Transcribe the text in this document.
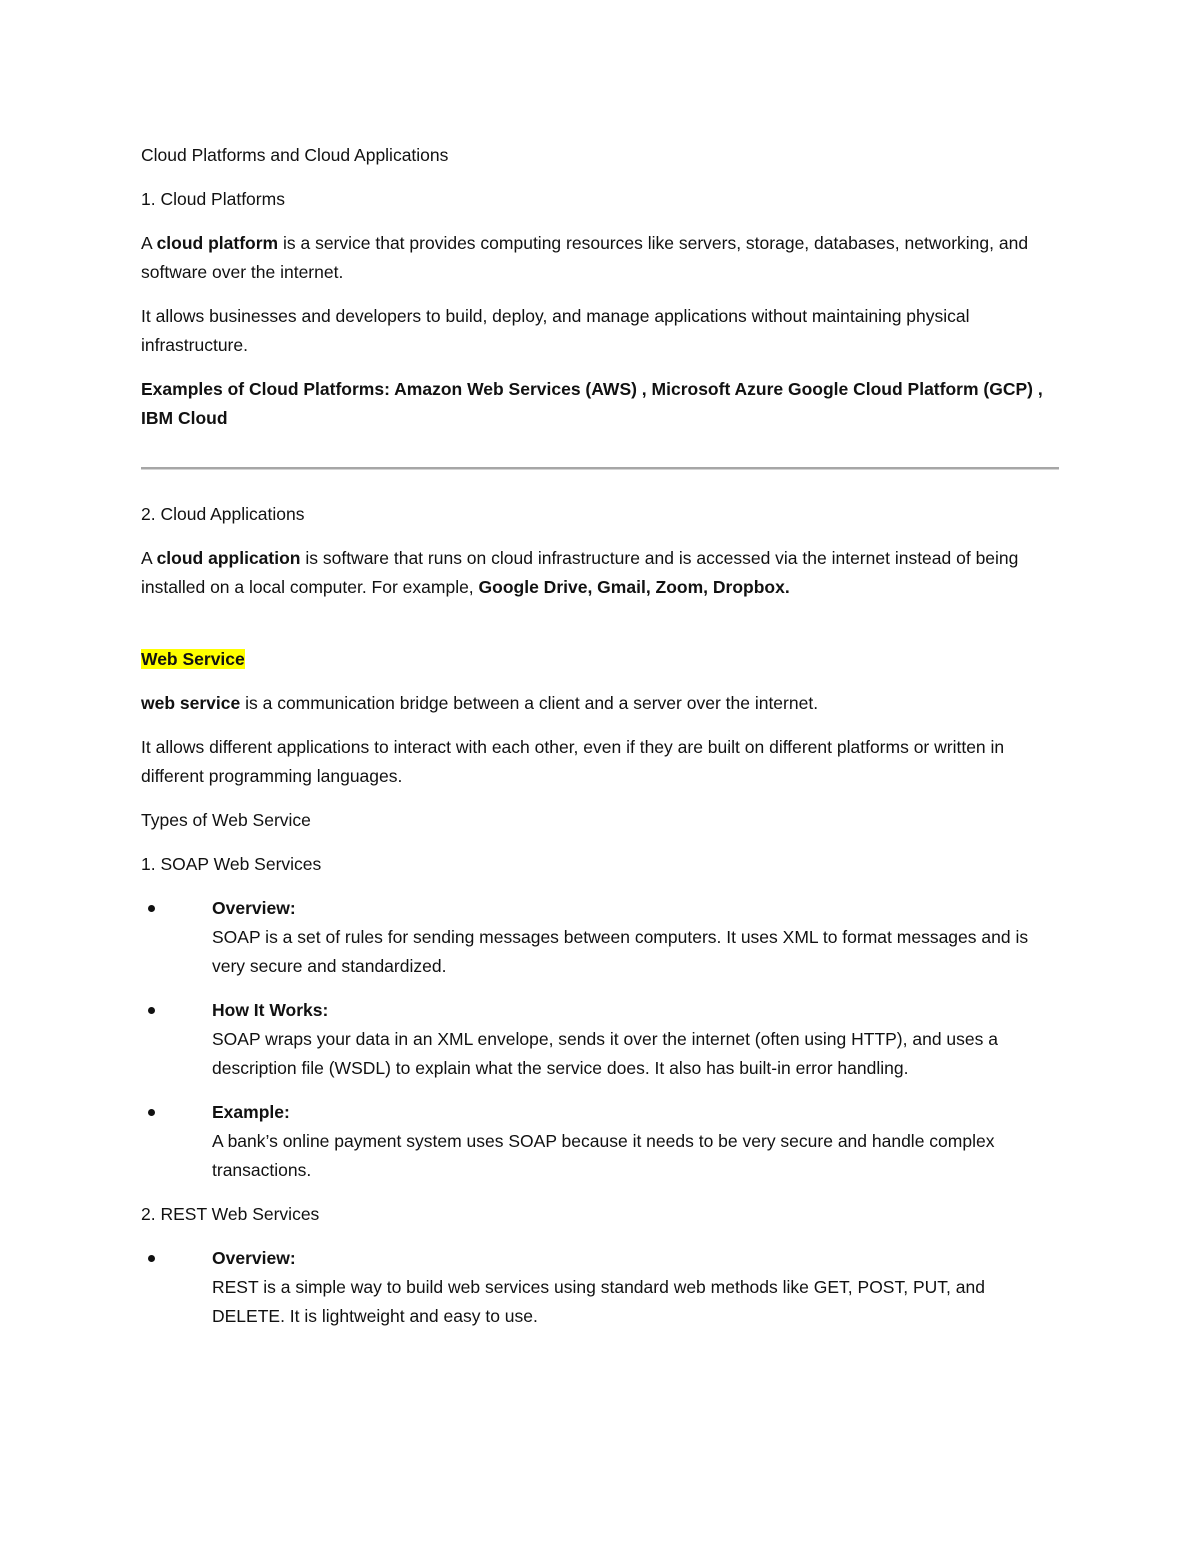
Cloud Platforms and Cloud Applications

1. Cloud Platforms

A cloud platform is a service that provides computing resources like servers, storage, databases, networking, and software over the internet.

It allows businesses and developers to build, deploy, and manage applications without maintaining physical infrastructure.

Examples of Cloud Platforms: Amazon Web Services (AWS) , Microsoft Azure Google Cloud Platform (GCP) , IBM Cloud

2. Cloud Applications

A cloud application is software that runs on cloud infrastructure and is accessed via the internet instead of being installed on a local computer. For example, Google Drive, Gmail, Zoom, Dropbox.

Web Service

web service is a communication bridge between a client and a server over the internet.

It allows different applications to interact with each other, even if they are built on different platforms or written in different programming languages.

Types of Web Service

1. SOAP Web Services

Overview:
SOAP is a set of rules for sending messages between computers. It uses XML to format messages and is very secure and standardized.
How It Works:
SOAP wraps your data in an XML envelope, sends it over the internet (often using HTTP), and uses a description file (WSDL) to explain what the service does. It also has built-in error handling.
Example:
A bank’s online payment system uses SOAP because it needs to be very secure and handle complex transactions.

2. REST Web Services

Overview:
REST is a simple way to build web services using standard web methods like GET, POST, PUT, and DELETE. It is lightweight and easy to use.
